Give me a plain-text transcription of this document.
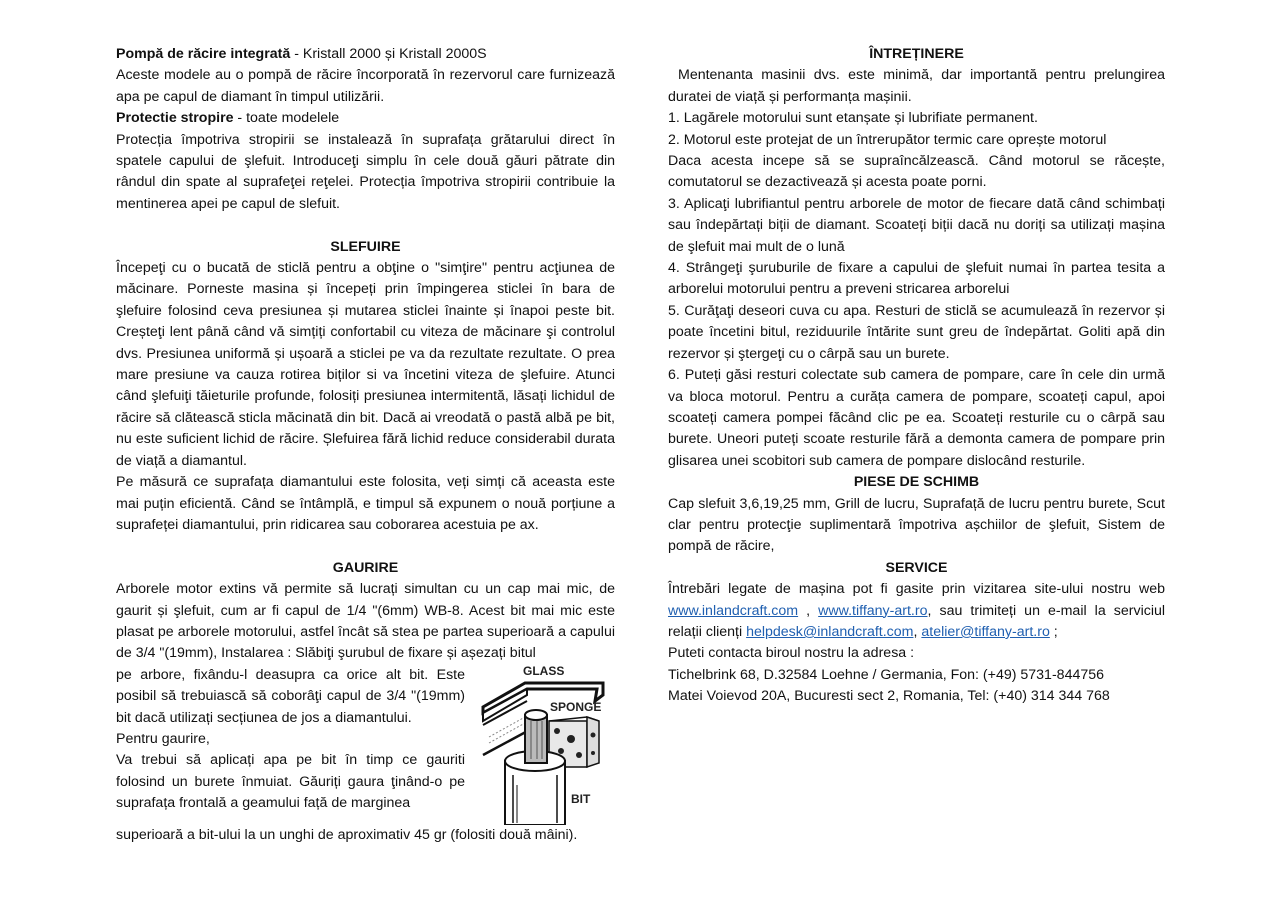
Pompă de răcire integrată - Kristall 2000 și Kristall 2000S

Aceste modele au o pompă de răcire încorporată în rezervorul care furnizează apa pe capul de diamant în timpul utilizării.

Protectie stropire - toate modelele

Protecția împotriva stropirii se instalează în suprafața grătarului direct în spatele capului de şlefuit. Introduceţi simplu în cele două găuri pătrate din rândul din spate al suprafeţei reţelei. Protecția împotriva stropirii contribuie la mentinerea apei pe capul de slefuit.

SLEFUIRE

Începeţi cu o bucată de sticlă pentru a obţine o "simţire" pentru acţiunea de măcinare. Porneste masina și începeți prin împingerea sticlei în bara de şlefuire folosind ceva presiunea și mutarea sticlei înainte și înapoi peste bit. Creșteţi lent până când vă simțiți confortabil cu viteza de măcinare şi controlul dvs. Presiunea uniformă și ușoară a sticlei pe va da rezultate rezultate. O prea mare presiune va cauza rotirea biților si va încetini viteza de şlefuire. Atunci când şlefuiţi tăieturile profunde, folosiți presiunea intermitentă, lăsați lichidul de răcire să clătească sticla măcinată din bit. Dacă ai vreodată o pastă albă pe bit, nu este suficient lichid de răcire. Șlefuirea fără lichid reduce considerabil durata de viață a diamantul.

Pe măsură ce suprafața diamantului este folosita, veți simți că aceasta este mai puțin eficientă. Când se întâmplă, e timpul să expunem o nouă porțiune a suprafeței diamantului, prin ridicarea sau coborarea acestuia pe ax.

GAURIRE

Arborele motor extins vă permite să lucrați simultan cu un cap mai mic, de gaurit și şlefuit, cum ar fi capul de 1/4 "(6mm) WB-8. Acest bit mai mic este plasat pe arborele motorului, astfel încât să stea pe partea superioară a capului de 3/4 "(19mm), Instalarea : Slăbiţi şurubul de fixare și așezați bitul

GLASS
SPONGE
BIT

pe arbore, fixându-l deasupra ca orice alt bit. Este posibil să trebuiască să coborâţi capul de 3/4 "(19mm) bit dacă utilizați secțiunea de jos a diamantului.

Pentru gaurire,

Va trebui să aplicați apa pe bit în timp ce gauriti folosind un burete înmuiat. Găuriți gaura ţinând-o pe suprafața frontală a geamului față de marginea

superioară a bit-ului la un unghi de aproximativ 45 gr (folositi două mâini).

ÎNTREȚINERE

Mentenanta masinii dvs. este minimă, dar importantă pentru prelungirea duratei de viață și performanța mașinii.

1. Lagărele motorului sunt etanșate și lubrifiate permanent.

2. Motorul este protejat de un întrerupător termic care oprește motorul

Daca acesta incepe să se supraîncălzească. Când motorul se răcește, comutatorul se dezactivează și acesta poate porni.

3. Aplicaţi lubrifiantul pentru arborele de motor de fiecare dată când schimbați sau îndepărtați biții de diamant. Scoateți biții dacă nu doriți sa utilizați mașina de şlefuit mai mult de o lună

4. Strângeţi şuruburile de fixare a capului de şlefuit numai în partea tesita a arborelui motorului pentru a preveni stricarea arborelui

5. Curăţaţi deseori cuva cu apa. Resturi de sticlă se acumulează în rezervor și poate încetini bitul, reziduurile întărite sunt greu de îndepărtat. Goliti apă din rezervor și ştergeţi cu o cârpă sau un burete.

6. Puteți găsi resturi colectate sub camera de pompare, care în cele din urmă va bloca motorul. Pentru a curăța camera de pompare, scoateți capul, apoi scoateți camera pompei făcând clic pe ea. Scoateți resturile cu o cârpă sau burete. Uneori puteți scoate resturile fără a demonta camera de pompare prin glisarea unei scobitori sub camera de pompare dislocând resturile.

PIESE DE SCHIMB

Cap slefuit 3,6,19,25 mm, Grill de lucru, Suprafață de lucru pentru burete, Scut clar pentru protecţie suplimentară împotriva așchiilor de şlefuit, Sistem de pompă de răcire,

SERVICE

Întrebări legate de mașina pot fi gasite prin vizitarea site-ului nostru web www.inlandcraft.com , www.tiffany-art.ro, sau trimiteți un e-mail la serviciul relații clienți helpdesk@inlandcraft.com, atelier@tiffany-art.ro ;

Puteti contacta biroul nostru la adresa :

Tichelbrink 68, D.32584 Loehne / Germania, Fon: (+49) 5731-844756

Matei Voievod 20A, Bucuresti sect 2, Romania, Tel: (+40) 314 344 768
